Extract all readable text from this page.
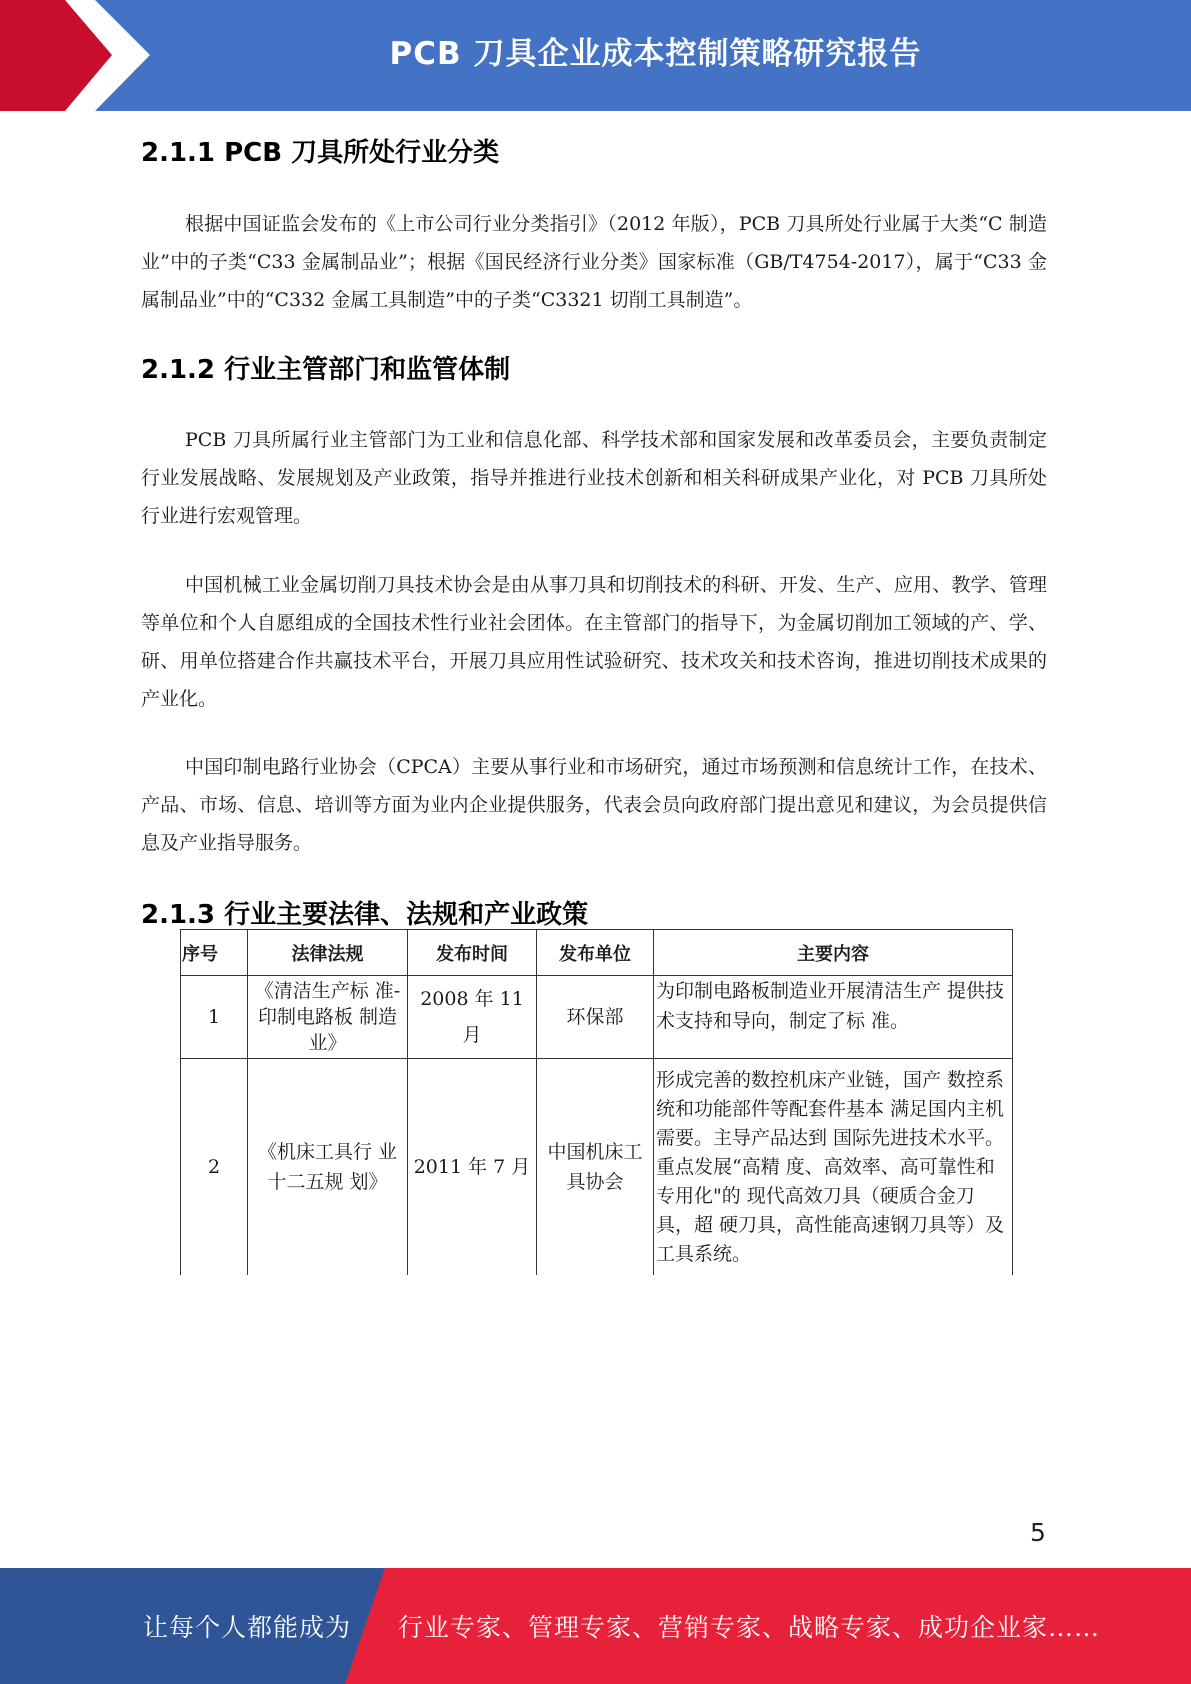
PCB 刀具企业成本控制策略研究报告
2.1.1 PCB 刀具所处行业分类

根据中国证监会发布的《上市公司行业分类指引》（2012 年版），PCB 刀具所处行业属于大类“C 制造业”中的子类“C33 金属制品业”；根据《国民经济行业分类》国家标准（GB/T4754-2017），属于“C33 金属制品业”中的“C332 金属工具制造”中的子类“C3321 切削工具制造”。

2.1.2 行业主管部门和监管体制

PCB 刀具所属行业主管部门为工业和信息化部、科学技术部和国家发展和改革委员会，主要负责制定行业发展战略、发展规划及产业政策，指导并推进行业技术创新和相关科研成果产业化，对 PCB 刀具所处行业进行宏观管理。

中国机械工业金属切削刀具技术协会是由从事刀具和切削技术的科研、开发、生产、应用、教学、管理等单位和个人自愿组成的全国技术性行业社会团体。在主管部门的指导下，为金属切削加工领域的产、学、研、用单位搭建合作共赢技术平台，开展刀具应用性试验研究、技术攻关和技术咨询，推进切削技术成果的产业化。

中国印制电路行业协会（CPCA）主要从事行业和市场研究，通过市场预测和信息统计工作，在技术、产品、市场、信息、培训等方面为业内企业提供服务，代表会员向政府部门提出意见和建议，为会员提供信息及产业指导服务。

2.1.3 行业主要法律、法规和产业政策
序号	法律法规	发布时间	发布单位	主要内容
1	《清洁生产标 准-印制电路板 制造业》	2008 年 11 月	环保部	为印制电路板制造业开展清洁生产 提供技术支持和导向，制定了标 准。
2	《机床工具行 业十二五规 划》	2011 年 7 月	中国机床工具协会	形成完善的数控机床产业链，国产 数控系统和功能部件等配套件基本 满足国内主机需要。主导产品达到 国际先进技术水平。重点发展“高精 度、高效率、高可靠性和专用化"的 现代高效刀具（硬质合金刀具，超 硬刀具，高性能高速钢刀具等）及 工具系统。
5
让每个人都能成为 行业专家、管理专家、营销专家、战略专家、成功企业家……
